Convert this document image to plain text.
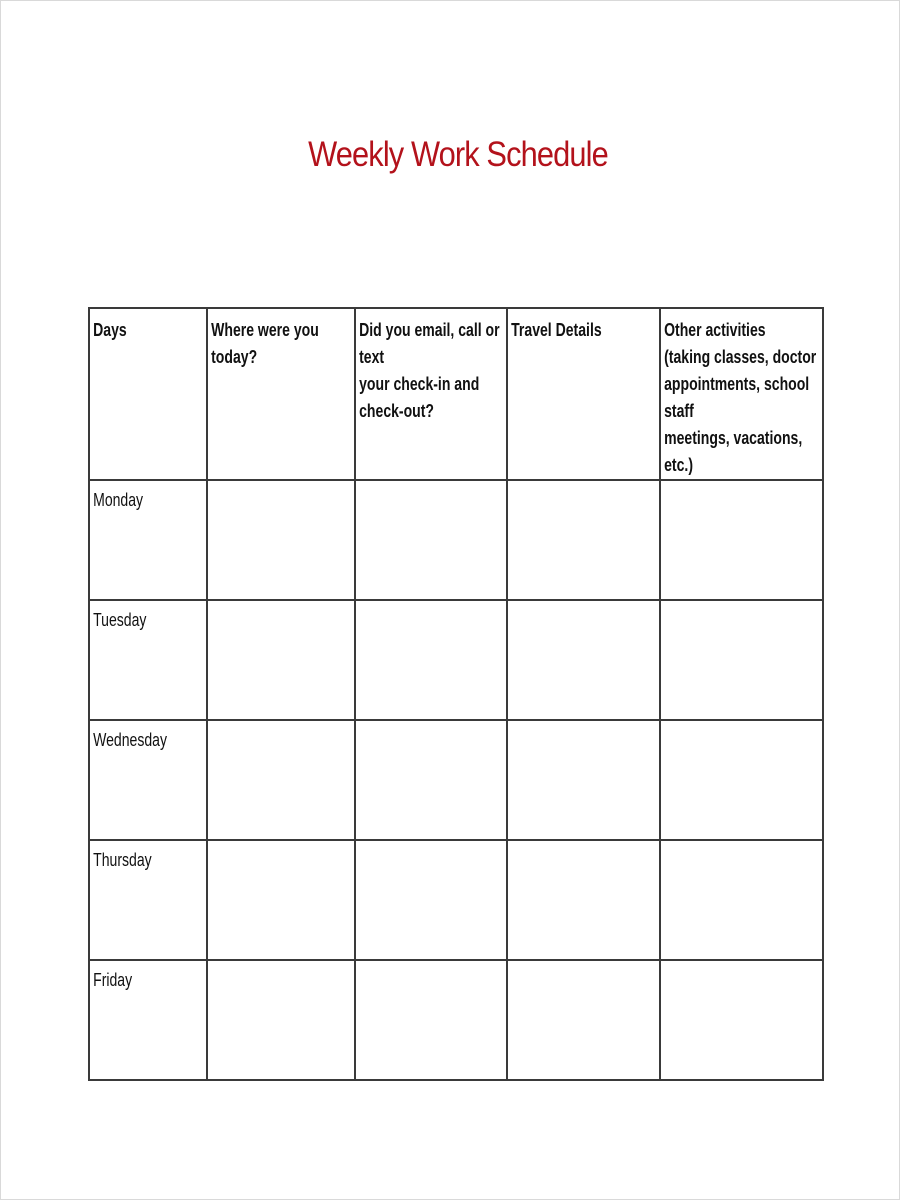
Weekly Work Schedule
Days	Where were you today?	Did you email, call or text
your check-in and
check-out?	Travel Details	Other activities
(taking classes, doctor
appointments, school staff
meetings, vacations, etc.)

Monday				

Tuesday				

Wednesday				

Thursday				

Friday				
